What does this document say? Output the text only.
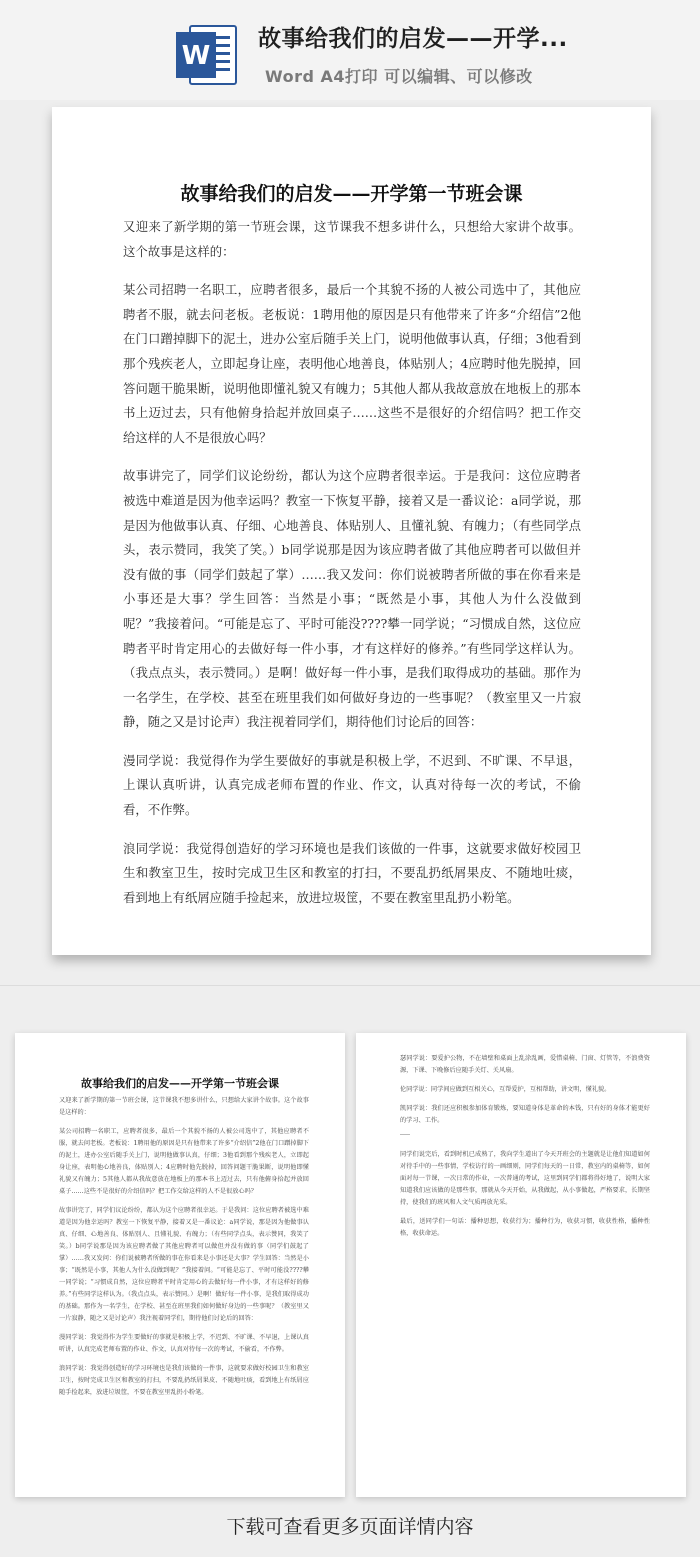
W
故事给我们的启发——开学...
Word A4打印 可以编辑、可以修改
故事给我们的启发——开学第一节班会课

又迎来了新学期的第一节班会课，这节课我不想多讲什么，只想给大家讲个故事。这个故事是这样的：

某公司招聘一名职工，应聘者很多，最后一个其貌不扬的人被公司选中了，其他应聘者不服，就去问老板。老板说：1聘用他的原因是只有他带来了许多“介绍信”2他在门口蹭掉脚下的泥土，进办公室后随手关上门，说明他做事认真，仔细；3他看到那个残疾老人，立即起身让座，表明他心地善良，体贴别人；4应聘时他先脱掉，回答问题干脆果断，说明他即懂礼貌又有魄力；5其他人都从我故意放在地板上的那本书上迈过去，只有他俯身拾起并放回桌子……这些不是很好的介绍信吗？把工作交给这样的人不是很放心吗？

故事讲完了，同学们议论纷纷，都认为这个应聘者很幸运。于是我问：这位应聘者被选中难道是因为他幸运吗？教室一下恢复平静，接着又是一番议论：a同学说，那是因为他做事认真、仔细、心地善良、体贴别人、且懂礼貌、有魄力；（有些同学点头，表示赞同，我笑了笑。）b同学说那是因为该应聘者做了其他应聘者可以做但并没有做的事（同学们鼓起了掌）……我又发问：你们说被聘者所做的事在你看来是小事还是大事？学生回答：当然是小事；“既然是小事，其他人为什么没做到呢？”我接着问。“可能是忘了、平时可能没????攀一同学说；“习惯成自然，这位应聘者平时肯定用心的去做好每一件小事，才有这样好的修养。”有些同学这样认为。（我点点头，表示赞同。）是啊！做好每一件小事，是我们取得成功的基础。那作为一名学生，在学校、甚至在班里我们如何做好身边的一些事呢？（教室里又一片寂静，随之又是讨论声）我注视着同学们，期待他们讨论后的回答：

漫同学说：我觉得作为学生要做好的事就是积极上学，不迟到、不旷课、不早退，上课认真听讲，认真完成老师布置的作业、作文，认真对待每一次的考试，不偷看，不作弊。

浪同学说：我觉得创造好的学习环境也是我们该做的一件事，这就要求做好校园卫生和教室卫生，按时完成卫生区和教室的打扫，不要乱扔纸屑果皮、不随地吐痰，看到地上有纸屑应随手捡起来，放进垃圾筐，不要在教室里乱扔小粉笔。

故事给我们的启发——开学第一节班会课

又迎来了新学期的第一节班会课，这节课我不想多讲什么，只想给大家讲个故事。这个故事是这样的：

某公司招聘一名职工，应聘者很多，最后一个其貌不扬的人被公司选中了，其他应聘者不服，就去问老板。老板说：1聘用他的原因是只有他带来了许多“介绍信”2他在门口蹭掉脚下的泥土，进办公室后随手关上门，说明他做事认真，仔细；3他看到那个残疾老人，立即起身让座，表明他心地善良，体贴别人；4应聘时他先脱掉，回答问题干脆果断，说明他即懂礼貌又有魄力；5其他人都从我故意放在地板上的那本书上迈过去，只有他俯身拾起并放回桌子……这些不是很好的介绍信吗？把工作交给这样的人不是很放心吗？

故事讲完了，同学们议论纷纷，都认为这个应聘者很幸运。于是我问：这位应聘者被选中难道是因为他幸运吗？教室一下恢复平静，接着又是一番议论：a同学说，那是因为他做事认真、仔细、心地善良、体贴别人、且懂礼貌、有魄力；（有些同学点头，表示赞同，我笑了笑。）b同学说那是因为该应聘者做了其他应聘者可以做但并没有做的事（同学们鼓起了掌）……我又发问：你们说被聘者所做的事在你看来是小事还是大事？学生回答：当然是小事；“既然是小事，其他人为什么没做到呢？”我接着问。“可能是忘了、平时可能没????攀一同学说；“习惯成自然，这位应聘者平时肯定用心的去做好每一件小事，才有这样好的修养。”有些同学这样认为。（我点点头，表示赞同。）是啊！做好每一件小事，是我们取得成功的基础。那作为一名学生，在学校、甚至在班里我们如何做好身边的一些事呢？（教室里又一片寂静，随之又是讨论声）我注视着同学们，期待他们讨论后的回答：

漫同学说：我觉得作为学生要做好的事就是积极上学，不迟到、不旷课、不早退，上课认真听讲，认真完成老师布置的作业、作文，认真对待每一次的考试，不偷看，不作弊。

浪同学说：我觉得创造好的学习环境也是我们该做的一件事，这就要求做好校园卫生和教室卫生，按时完成卫生区和教室的打扫，不要乱扔纸屑果皮、不随地吐痰，看到地上有纸屑应随手捡起来，放进垃圾筐，不要在教室里乱扔小粉笔。

瑟同学说：要爱护公物，不在墙壁和桌面上乱涂乱画，爱惜桌椅、门窗、灯管等，不浪费资源，下课、下晚修后应随手关灯、关风扇。

伦同学说：同学间应做到互相关心，互帮爱护，互相帮助，讲文明，懂礼貌。

凯同学说：我们还应积极参加体育锻炼，要知道身体是革命的本钱，只有好的身体才能更好的学习、工作。

同学们说完后，看到时机已成熟了，我向学生道出了今天开班会的主题就是让他们知道如何对待手中的一些事情，学校访行的一画细则，同学们每天的一日常，教室内的桌椅等，如何面对每一节课，一次日常的作业，一次普通的考试，这里到同学们都将得好地了，说明大家知道我们应该做的是那些事，那就从今天开始，从我做起，从小事做起，严格要求，长期坚持，使我们的班风和人文气质再放光采。

最后，送同学们一句话：播种思想，收获行为；播种行为，收获习惯，收获性格，播种性格，收获命运。

下载可查看更多页面详情内容
